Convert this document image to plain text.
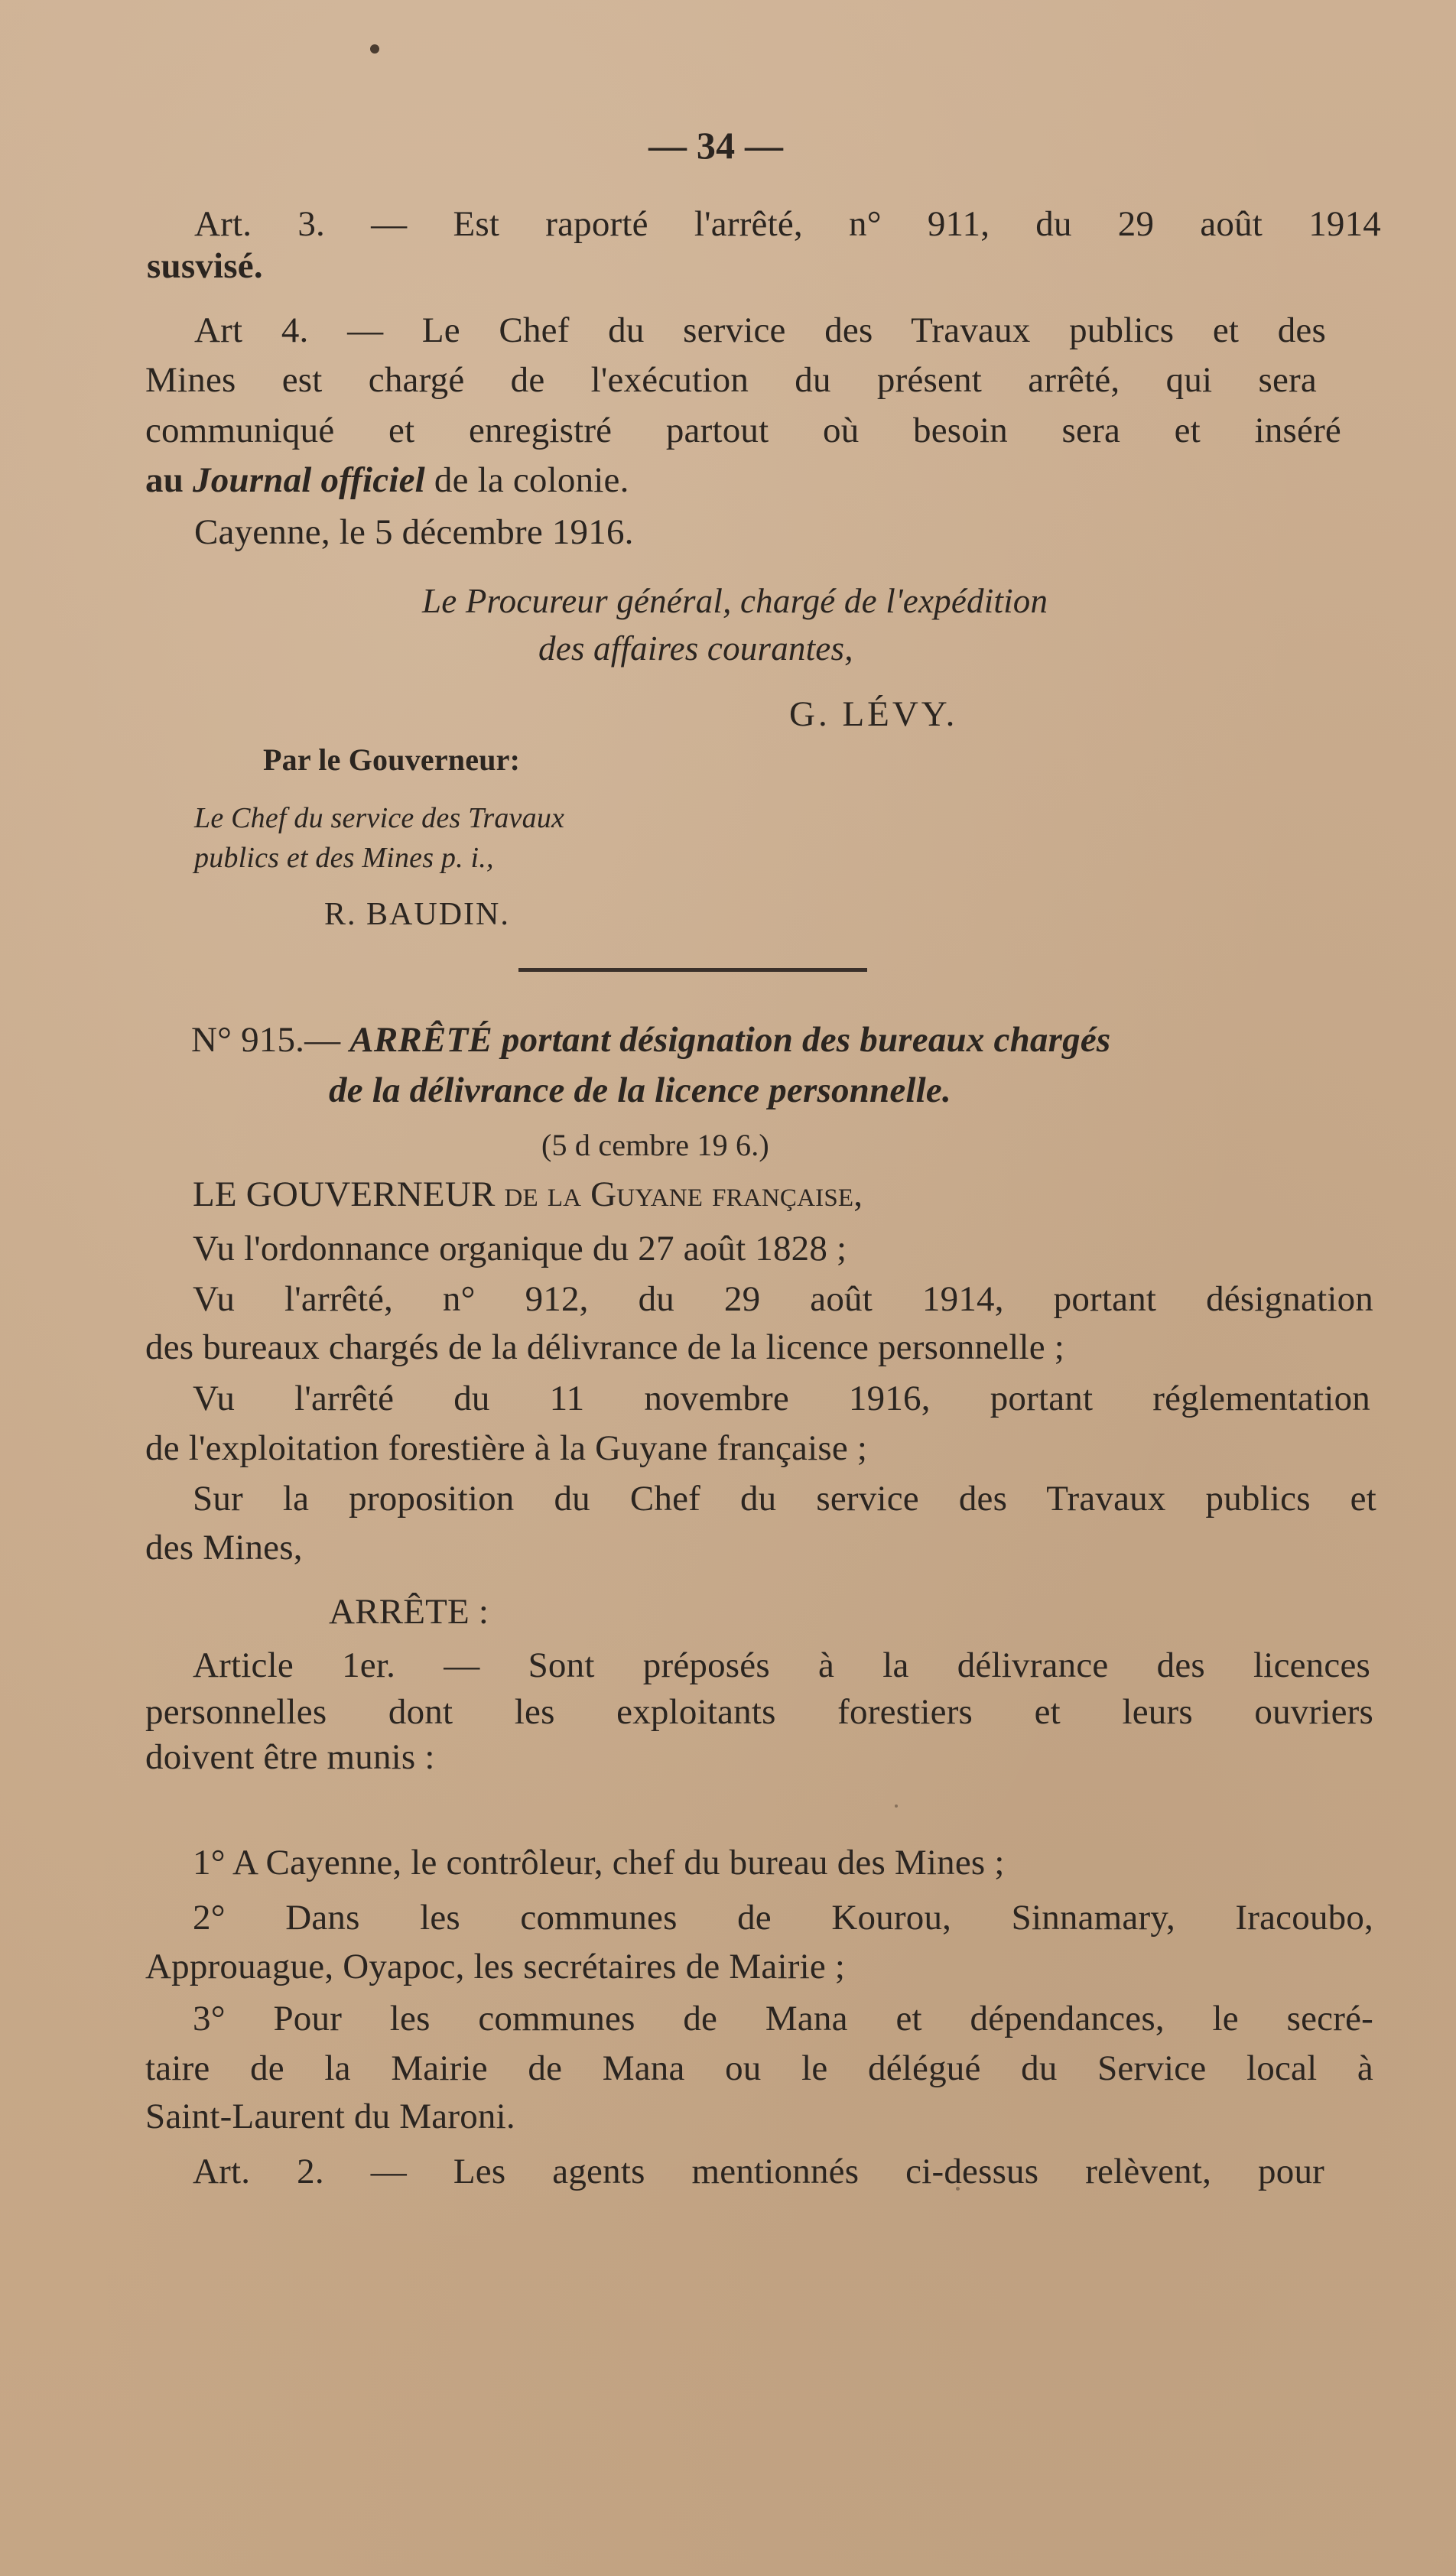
— 34 —
Art. 3. — Est raporté l'arrêté, n° 911, du 29 août 1914
susvisé.
Art 4. — Le Chef du service des Travaux publics et des
Mines est chargé de l'exécution du présent arrêté, qui sera
communiqué et enregistré partout où besoin sera et inséré
au Journal officiel de la colonie.
Cayenne, le 5 décembre 1916.
Le Procureur général, chargé de l'expédition
des affaires courantes,
G. LÉVY.
Par le Gouverneur:
Le Chef du service des Travaux
publics et des Mines p. i.,
R. BAUDIN.
N° 915.— ARRÊTÉ portant désignation des bureaux chargés
de la délivrance de la licence personnelle.
(5 d cembre 19 6.)
LE GOUVERNEUR de la Guyane française,
Vu l'ordonnance organique du 27 août 1828 ;
Vu l'arrêté, n° 912, du 29 août 1914, portant désignation
des bureaux chargés de la délivrance de la licence personnelle ;
Vu l'arrêté du 11 novembre 1916, portant réglementation
de l'exploitation forestière à la Guyane française ;
Sur la proposition du Chef du service des Travaux publics et
des Mines,
ARRÊTE :
Article 1er. — Sont préposés à la délivrance des licences
personnelles dont les exploitants forestiers et leurs ouvriers
doivent être munis :
1° A Cayenne, le contrôleur, chef du bureau des Mines ;
2° Dans les communes de Kourou, Sinnamary, Iracoubo,
Approuague, Oyapoc, les secrétaires de Mairie ;
3° Pour les communes de Mana et dépendances, le secré-
taire de la Mairie de Mana ou le délégué du Service local à
Saint-Laurent du Maroni.
Art. 2. — Les agents mentionnés ci-dessus relèvent, pour
